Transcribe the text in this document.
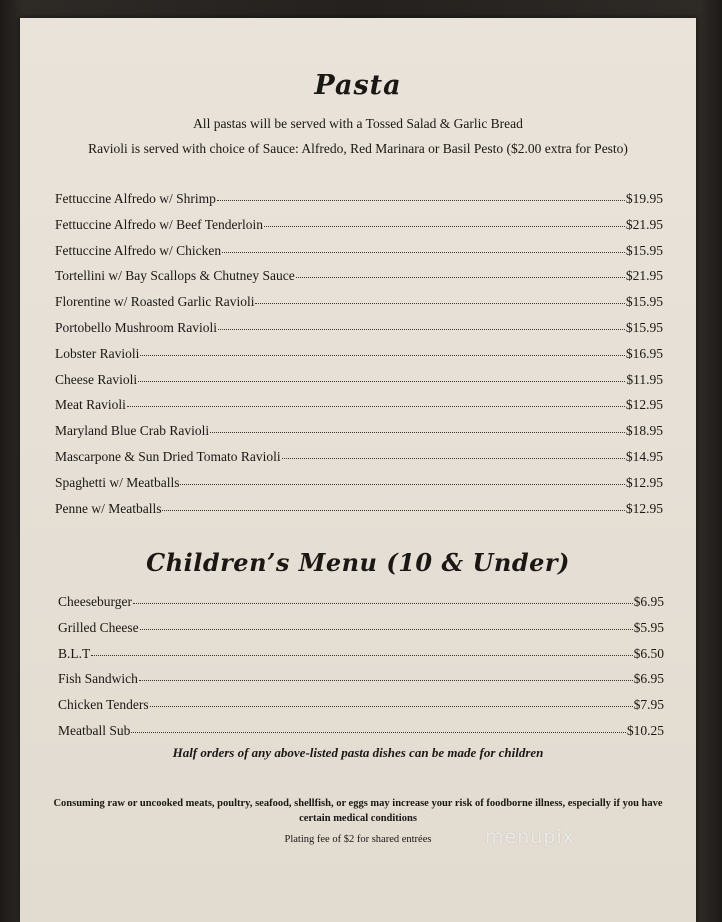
Pasta

All pastas will be served with a Tossed Salad & Garlic Bread

Ravioli is served with choice of Sauce: Alfredo, Red Marinara or Basil Pesto ($2.00 extra for Pesto)

Fettuccine Alfredo w/ Shrimp	$19.95
Fettuccine Alfredo w/ Beef Tenderloin	$21.95
Fettuccine Alfredo w/ Chicken	$15.95
Tortellini w/ Bay Scallops & Chutney Sauce	$21.95
Florentine w/ Roasted Garlic Ravioli	$15.95
Portobello Mushroom Ravioli	$15.95
Lobster Ravioli	$16.95
Cheese Ravioli	$11.95
Meat Ravioli	$12.95
Maryland Blue Crab Ravioli	$18.95
Mascarpone & Sun Dried Tomato Ravioli	$14.95
Spaghetti w/ Meatballs	$12.95
Penne w/ Meatballs	$12.95
Children’s Menu (10 & Under)
Cheeseburger	$6.95
Grilled Cheese	$5.95
B.L.T	$6.50
Fish Sandwich	$6.95
Chicken Tenders	$7.95
Meatball Sub	$10.25

Half orders of any above-listed pasta dishes can be made for children

Consuming raw or uncooked meats, poultry, seafood, shellfish, or eggs may increase your risk of foodborne illness, especially if you have certain medical conditions

Plating fee of $2 for shared entrées	menupix
